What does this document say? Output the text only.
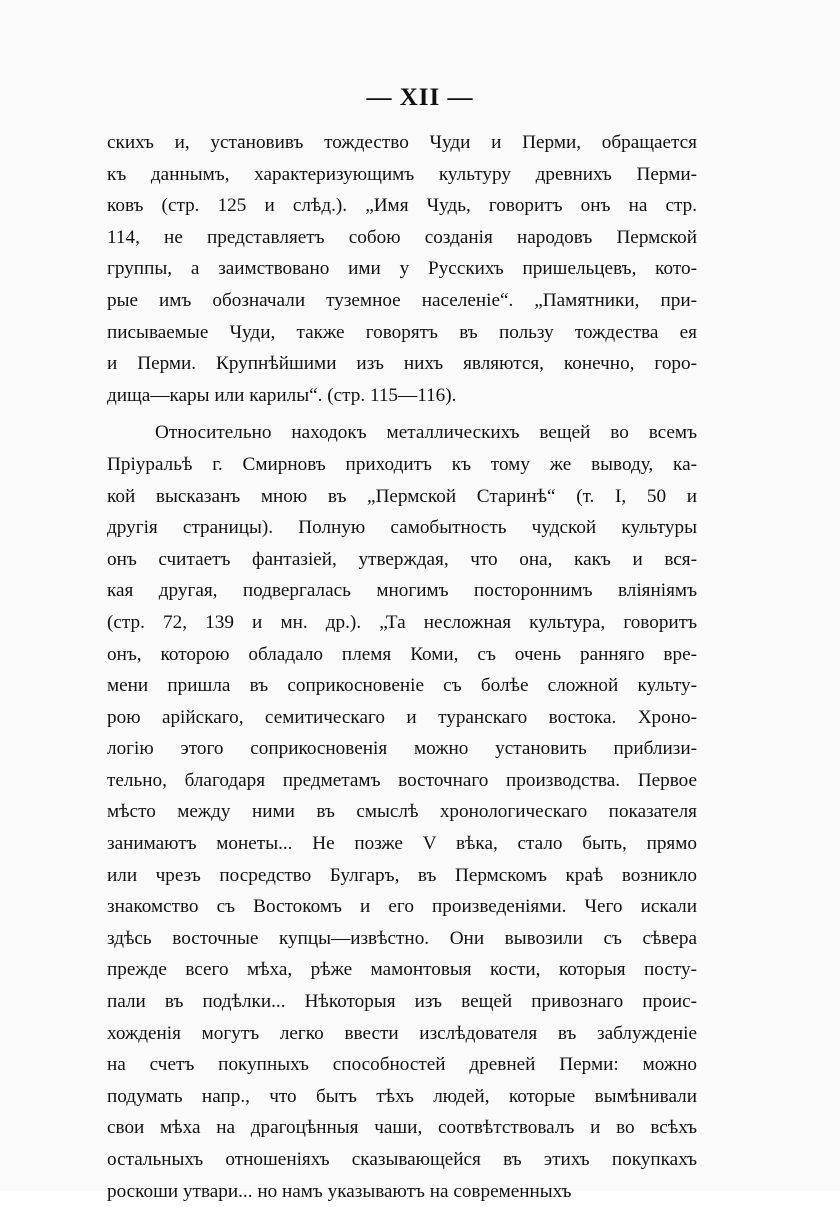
— XII —
скихъ и, установивъ тождество Чуди и Перми, обращается
къ даннымъ, характеризующимъ культуру древнихъ Перми-
ковъ (стр. 125 и слѣд.). „Имя Чудь, говоритъ онъ на стр.
114, не представляетъ собою созданія народовъ Пермской
группы, а заимствовано ими у Русскихъ пришельцевъ, кото-
рые имъ обозначали туземное населеніе“. „Памятники, при-
писываемые Чуди, также говорятъ въ пользу тождества ея
и Перми. Крупнѣйшими изъ нихъ являются, конечно, горо-
дища—кары или карилы“. (стр. 115—116).
Относительно находокъ металлическихъ вещей во всемъ
Пріуральѣ г. Смирновъ приходитъ къ тому же выводу, ка-
кой высказанъ мною въ „Пермской Старинѣ“ (т. I, 50 и
другія страницы). Полную самобытность чудской культуры
онъ считаетъ фантазіей, утверждая, что она, какъ и вся-
кая другая, подвергалась многимъ постороннимъ вліяніямъ
(стр. 72, 139 и мн. др.). „Та несложная культура, говоритъ
онъ, которою обладало племя Коми, съ очень ранняго вре-
мени пришла въ соприкосновеніе съ болѣе сложной культу-
рою арійскаго, семитическаго и туранскаго востока. Хроно-
логію этого соприкосновенія можно установить приблизи-
тельно, благодаря предметамъ восточнаго производства. Первое
мѣсто между ними въ смыслѣ хронологическаго показателя
занимаютъ монеты... Не позже V вѣка, стало быть, прямо
или чрезъ посредство Булгаръ, въ Пермскомъ краѣ возникло
знакомство съ Востокомъ и его произведеніями. Чего искали
здѣсь восточные купцы—извѣстно. Они вывозили съ сѣвера
прежде всего мѣха, рѣже мамонтовыя кости, которыя посту-
пали въ подѣлки... Нѣкоторыя изъ вещей привознаго проис-
хожденія могутъ легко ввести изслѣдователя въ заблужденіе
на счетъ покупныхъ способностей древней Перми: можно
подумать напр., что бытъ тѣхъ людей, которые вымѣнивали
свои мѣха на драгоцѣнныя чаши, соотвѣтствовалъ и во всѣхъ
остальныхъ отношеніяхъ сказывающейся въ этихъ покупкахъ
роскоши утвари... но намъ указываютъ на современныхъ
